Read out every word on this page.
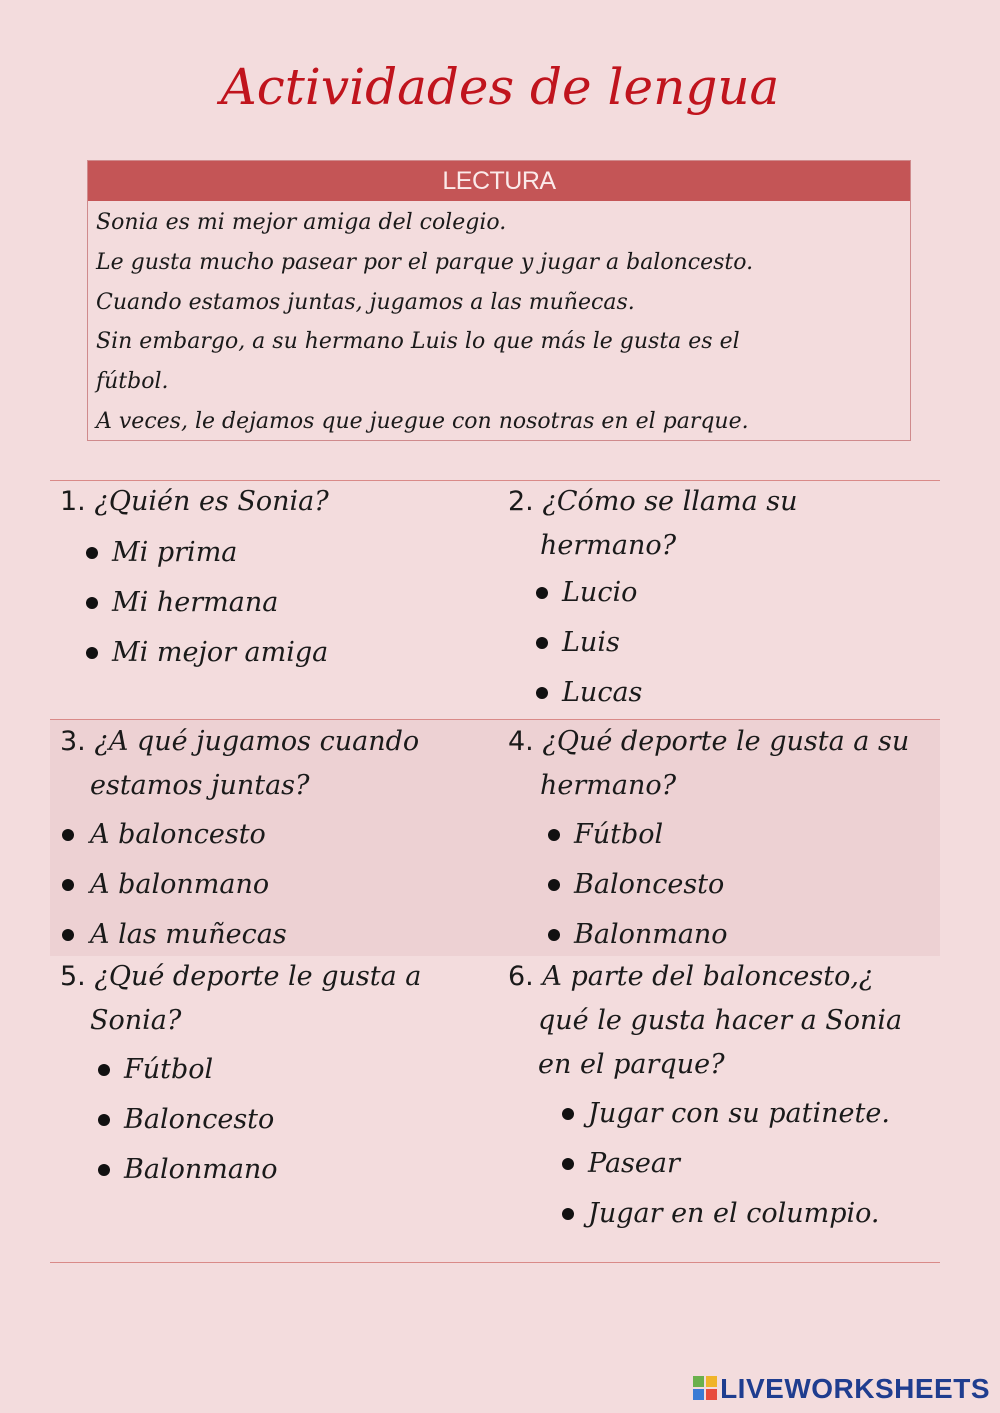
Actividades de lengua
LECTURA
Sonia es mi mejor amiga del colegio.
Le gusta mucho pasear por el parque y jugar a baloncesto.
Cuando estamos juntas, jugamos a las muñecas.
Sin embargo, a su hermano Luis lo que más le gusta es el
fútbol.
A veces, le dejamos que juegue con nosotras en el parque.
1. ¿Quién es Sonia?
Mi prima
Mi hermana
Mi mejor amiga
2. ¿Cómo se llama su
hermano?
Lucio
Luis
Lucas
3. ¿A qué jugamos cuando
estamos juntas?
A baloncesto
A balonmano
A las muñecas
4. ¿Qué deporte le gusta a su
hermano?
Fútbol
Baloncesto
Balonmano
5. ¿Qué deporte le gusta a
Sonia?
Fútbol
Baloncesto
Balonmano
6. A parte del baloncesto,¿
qué le gusta hacer a Sonia
en el parque?
Jugar con su patinete.
Pasear
Jugar en el columpio.
LIVEWORKSHEETS
